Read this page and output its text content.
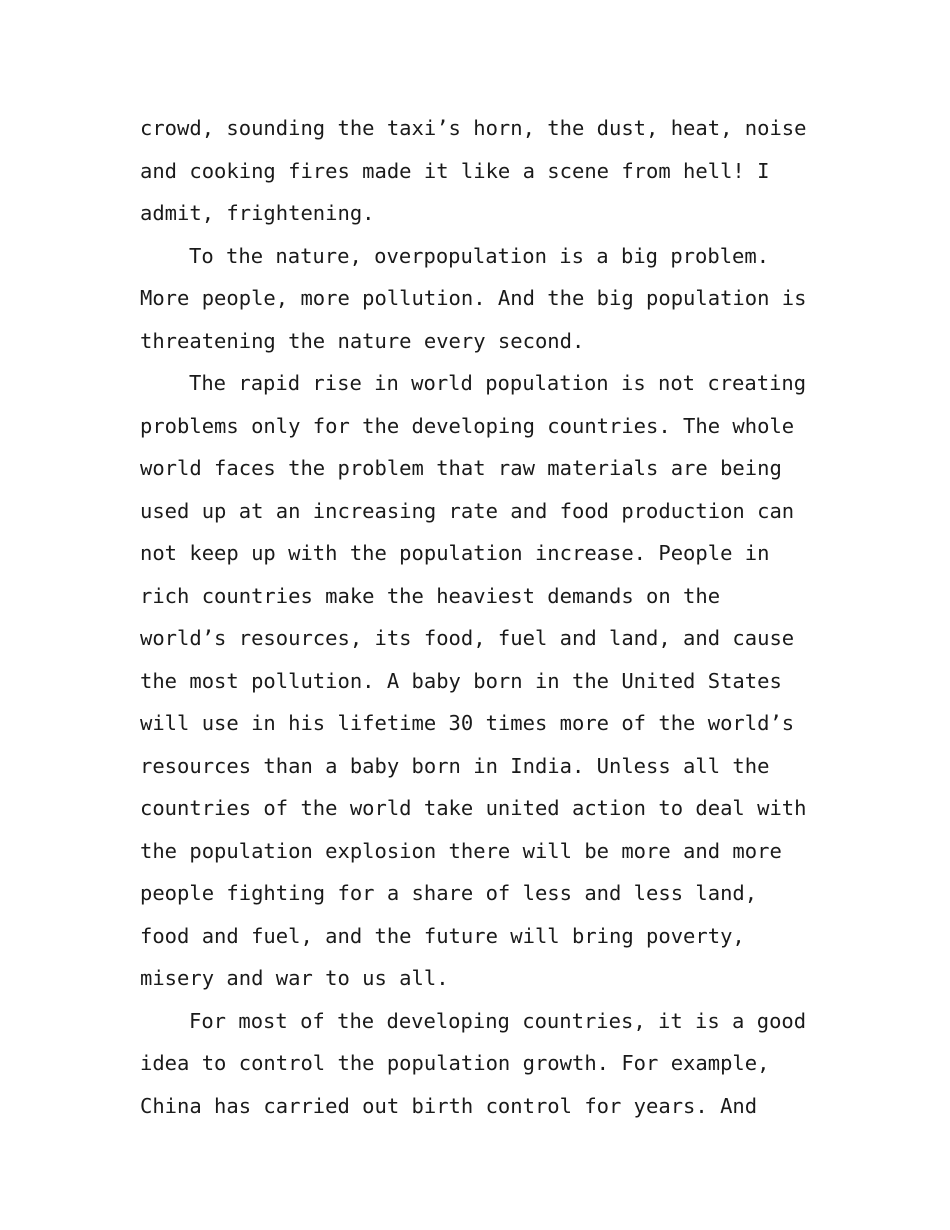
crowd, sounding the taxi’s horn, the dust, heat, noise
and cooking fires made it like a scene from hell! I
admit, frightening.
To the nature, overpopulation is a big problem.
More people, more pollution. And the big population is
threatening the nature every second.
The rapid rise in world population is not creating
problems only for the developing countries. The whole
world faces the problem that raw materials are being
used up at an increasing rate and food production can
not keep up with the population increase. People in
rich countries make the heaviest demands on the
world’s resources, its food, fuel and land, and cause
the most pollution. A baby born in the United States
will use in his lifetime 30 times more of the world’s
resources than a baby born in India. Unless all the
countries of the world take united action to deal with
the population explosion there will be more and more
people fighting for a share of less and less land,
food and fuel, and the future will bring poverty,
misery and war to us all.
For most of the developing countries, it is a good
idea to control the population growth. For example,
China has carried out birth control for years. And
